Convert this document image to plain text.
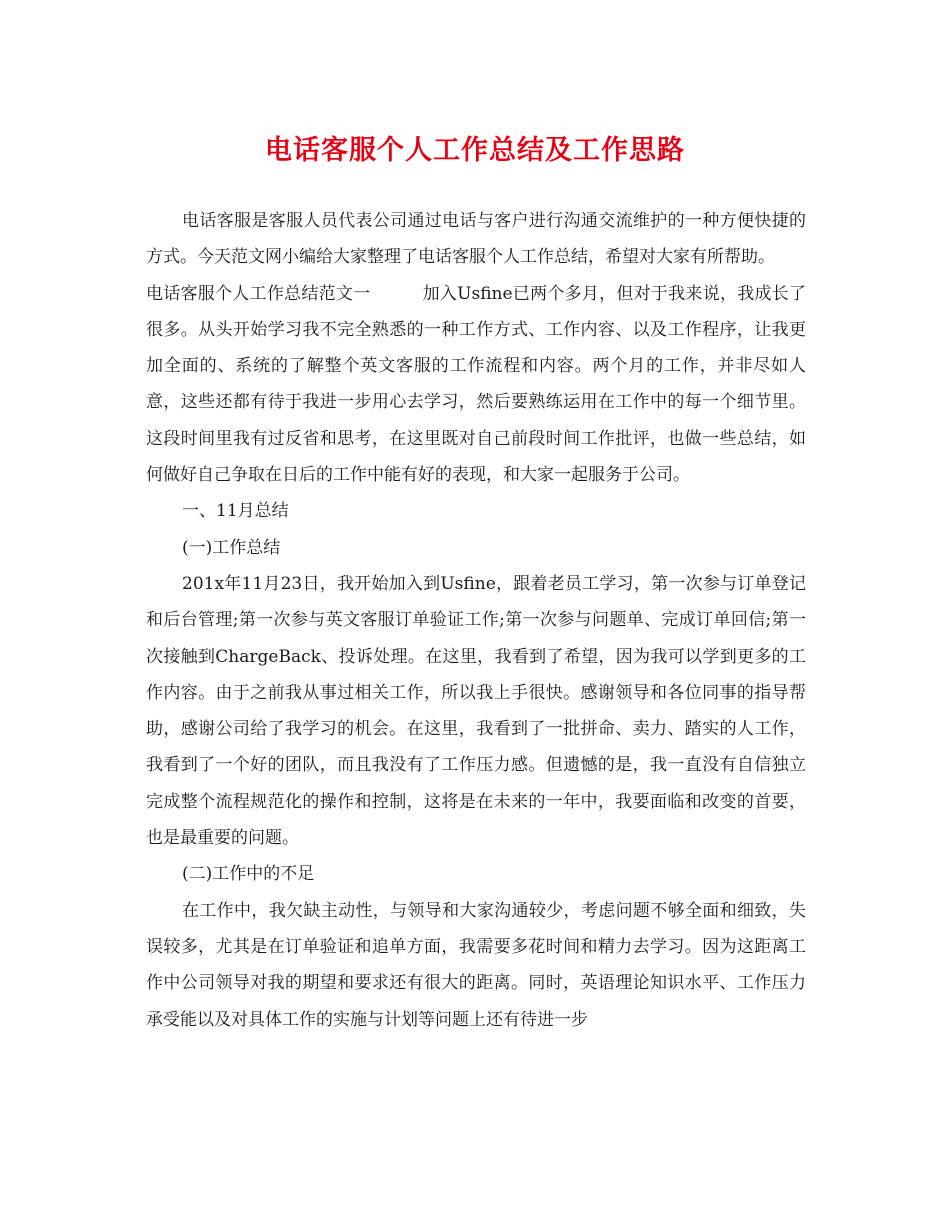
电话客服个人工作总结及工作思路

电话客服是客服人员代表公司通过电话与客户进行沟通交流维护的一种方便快捷的方式。今天范文网小编给大家整理了电话客服个人工作总结，希望对大家有所帮助。

电话客服个人工作总结范文一	加入Usfine已两个多月，但对于我来说，我成长了很多。从头开始学习我不完全熟悉的一种工作方式、工作内容、以及工作程序，让我更加全面的、系统的了解整个英文客服的工作流程和内容。两个月的工作，并非尽如人意，这些还都有待于我进一步用心去学习，然后要熟练运用在工作中的每一个细节里。这段时间里我有过反省和思考，在这里既对自己前段时间工作批评，也做一些总结，如何做好自己争取在日后的工作中能有好的表现，和大家一起服务于公司。

一、11月总结

(一)工作总结

201x年11月23日，我开始加入到Usfine，跟着老员工学习，第一次参与订单登记和后台管理;第一次参与英文客服订单验证工作;第一次参与问题单、完成订单回信;第一次接触到ChargeBack、投诉处理。在这里，我看到了希望，因为我可以学到更多的工作内容。由于之前我从事过相关工作，所以我上手很快。感谢领导和各位同事的指导帮助，感谢公司给了我学习的机会。在这里，我看到了一批拼命、卖力、踏实的人工作，我看到了一个好的团队，而且我没有了工作压力感。但遗憾的是，我一直没有自信独立完成整个流程规范化的操作和控制，这将是在未来的一年中，我要面临和改变的首要，也是最重要的问题。

(二)工作中的不足

在工作中，我欠缺主动性，与领导和大家沟通较少，考虑问题不够全面和细致，失误较多，尤其是在订单验证和追单方面，我需要多花时间和精力去学习。因为这距离工作中公司领导对我的期望和要求还有很大的距离。同时，英语理论知识水平、工作压力承受能以及对具体工作的实施与计划等问题上还有待进一步
